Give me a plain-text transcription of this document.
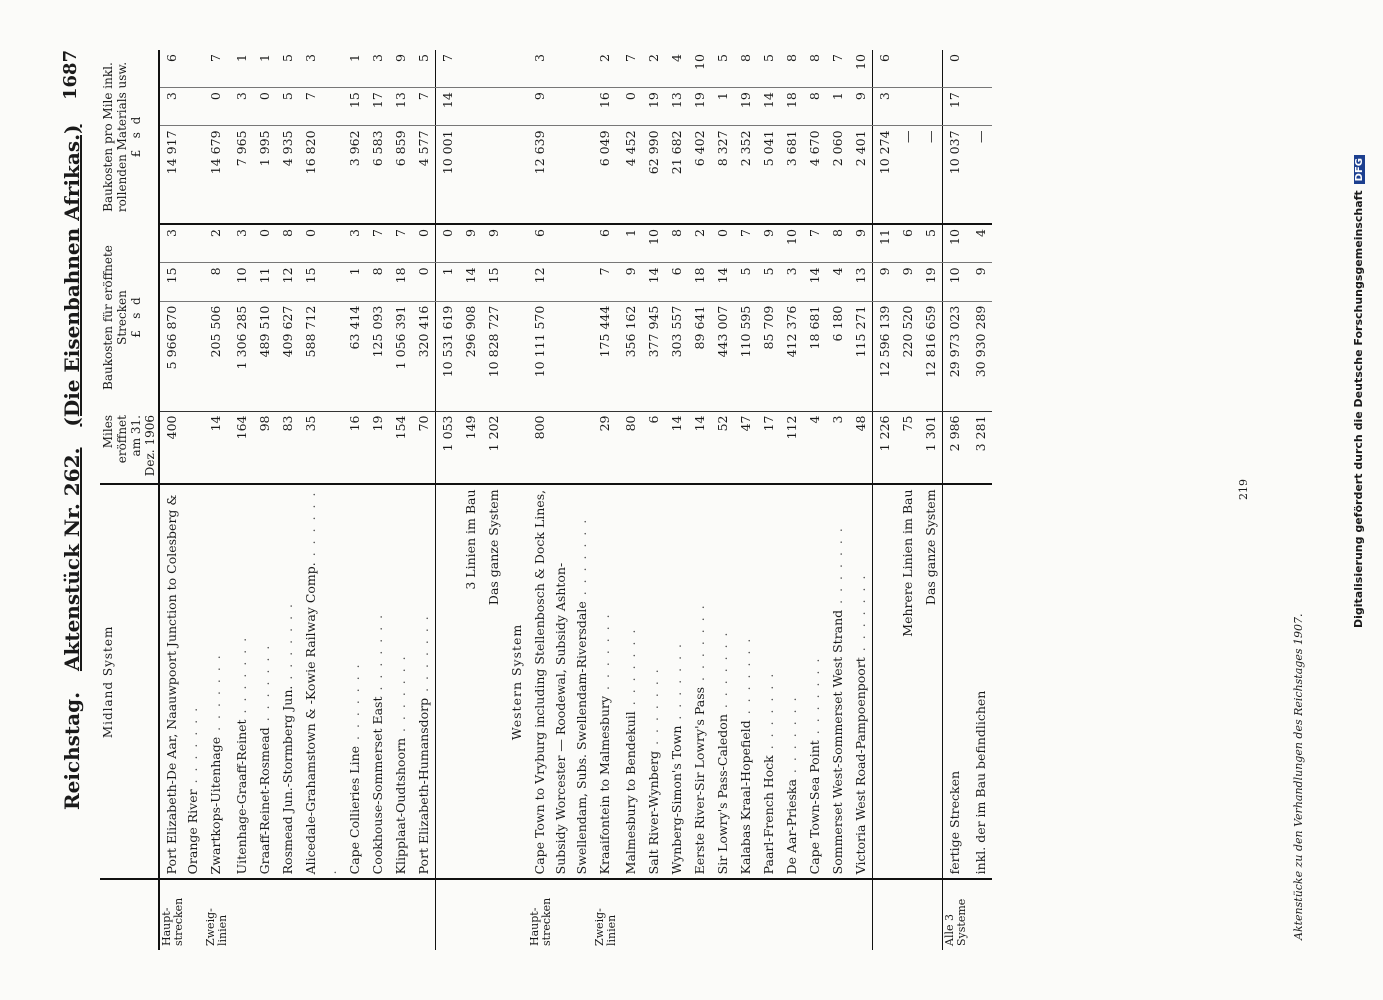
Digitalisierung gefördert durch die Deutsche ForschungsgemeinschaftDFG
Reichstag.   Aktenstück Nr. 262.   (Die Eisenbahnen Afrikas.)
1687
	Midland System	Miles eröffnet am 31. Dez. 1906	Baukosten für eröffnete Strecken
£   s  d			Baukosten pro Mile inkl. rollenden Materials usw.
£   s  d		
Haupt-strecken	Port Elizabeth-De Aar, Naauwpoort Junction to Colesberg & Orange River . . .	400	5 966 870	15	3	14 917	3	6
Zweig-linien	Zwartkops-Uitenhage . . .	14	205 506	8	2	14 679	0	7
	Uitenhage-Graaff-Reinet . . .	164	1 306 285	10	3	7 965	3	1
	Graaff-Reinet-Rosmead . . .	98	489 510	11	0	1 995	0	1
	Rosmead Jun.-Stormberg Jun. . . .	83	409 627	12	8	4 935	5	5
	Alicedale-Grahamstown & -Kowie Railway Comp. . . .	35	588 712	15	0	16 820	7	3
	Cape Collieries Line . . .	16	63 414	1	3	3 962	15	1
	Cookhouse-Sommerset East . . .	19	125 093	8	7	6 583	17	3
	Klipplaat-Oudtshoorn . . .	154	1 056 391	18	7	6 859	13	9
	Port Elizabeth-Humansdorp . . .	70	320 416	0	0	4 577	7	5
		1 053	10 531 619	1	0	10 001	14	7
	3 Linien im Bau	149	296 908	14	9			
	Das ganze System	1 202	10 828 727	15	9			
	Western System							
Haupt-strecken	Cape Town to Vryburg including Stellenbosch & Dock Lines, Subsidy Worcester — Roodewal, Subsidy Ashton-Swellendam, Subs. Swellendam-Riversdale . . .	800	10 111 570	12	6	12 639	9	3
Zweig-linien	Kraaifontein to Malmesbury . . .	29	175 444	7	6	6 049	16	2
	Malmesbury to Bendekuil . . .	80	356 162	9	1	4 452	0	7
	Salt River-Wynberg . . .	6	377 945	14	10	62 990	19	2
	Wynberg-Simon's Town . . .	14	303 557	6	8	21 682	13	4
	Eerste River-Sir Lowry's Pass . . .	14	89 641	18	2	6 402	19	10
	Sir Lowry's Pass-Caledon . . .	52	443 007	14	0	8 327	1	5
	Kalabas Kraal-Hopefield . . .	47	110 595	5	7	2 352	19	8
	Paarl-French Hock . . .	17	85 709	5	9	5 041	14	5
	De Aar-Prieska . . .	112	412 376	3	10	3 681	18	8
	Cape Town-Sea Point . . .	4	18 681	14	7	4 670	8	8
	Sommerset West-Sommerset West Strand . . .	3	6 180	4	8	2 060	1	7
	Victoria West Road-Pampoenpoort . . .	48	115 271	13	9	2 401	9	10
		1 226	12 596 139	9	11	10 274	3	6
	Mehrere Linien im Bau	75	220 520	9	6	—		
	Das ganze System	1 301	12 816 659	19	5	—		
Alle 3 Systeme	fertige Strecken	2 986	29 973 023	10	10	10 037	17	0
	inkl. der im Bau befindlichen	3 281	30 930 289	9	4	—		
219
Aktenstücke zu den Verhandlungen des Reichstages 1907.
